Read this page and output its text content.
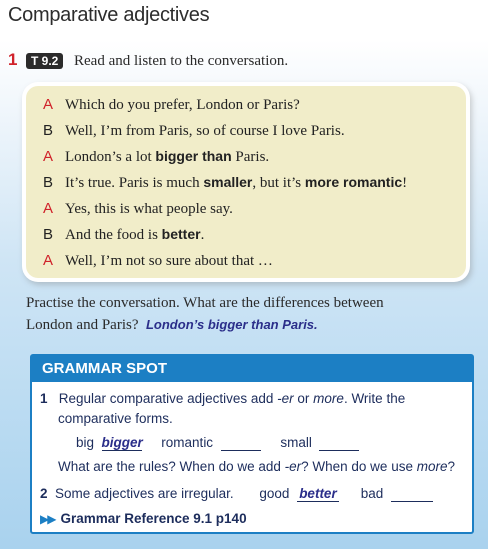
Comparative adjectives
1	T 9.2	Read and listen to the conversation.
A Which do you prefer, London or Paris?
B Well, I’m from Paris, so of course I love Paris.
A London’s a lot bigger than Paris.
B It’s true. Paris is much smaller, but it’s more romantic!
A Yes, this is what people say.
B And the food is better.
A Well, I’m not so sure about that …
Practise the conversation. What are the differences between
London and Paris? London’s bigger than Paris.
GRAMMAR SPOT
1 Regular comparative adjectives add -er or more. Write the
comparative forms.
big bigger romantic	small
What are the rules? When do we add -er? When do we use more?
2 Some adjectives are irregular. good better bad
▶▶ Grammar Reference 9.1 p140
